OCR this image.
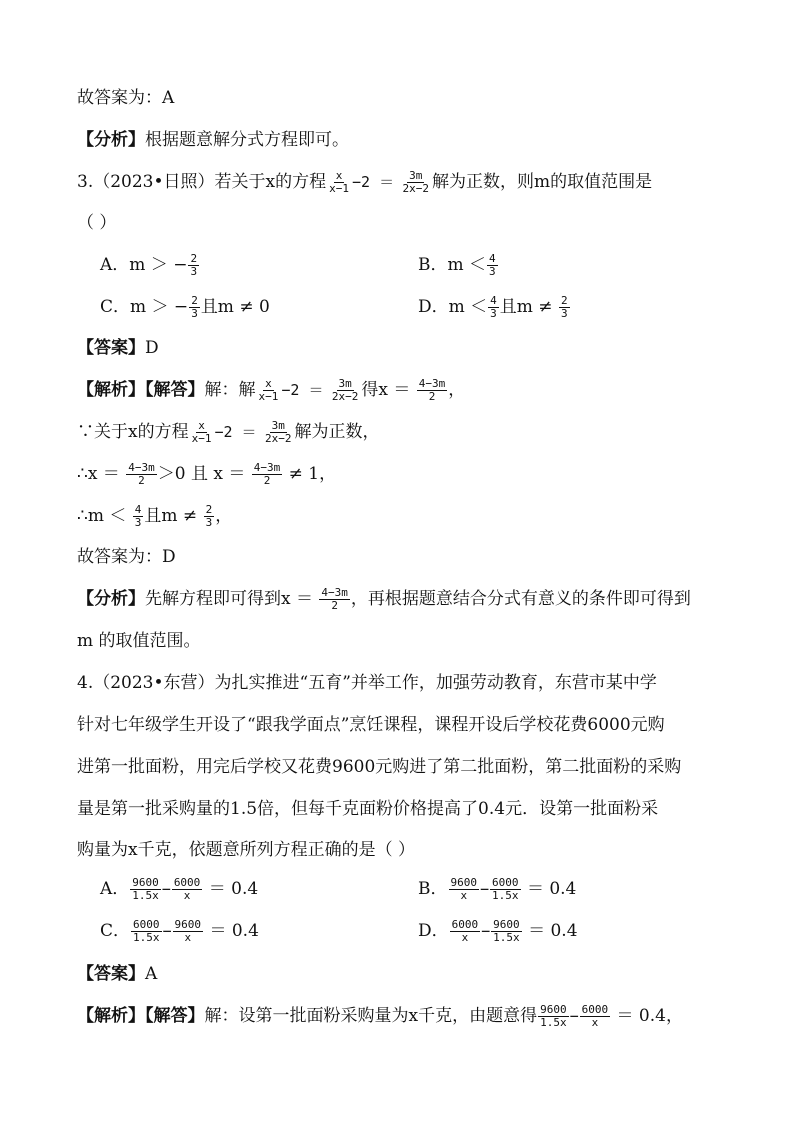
故答案为：A
【分析】根据题意解分式方程即可。
3.（2023•日照）若关于x的方程 $\frac{x}{x-1} -2 = \frac{3m}{2x-2}$ 解为正数，则m的取值范围是
（ ）
A．m ＞ − $\frac{2}{3}$	B．$m < \frac{4}{3}$
C．m ＞ − $\frac{2}{3}$ 且m ≠ 0	D．$m < \frac{4}{3}$ 且$m \ne \frac{2}{3}$
【答案】D
【解析】【解答】解：解 $\frac{x}{x-1} -2 = \frac{3m}{2x-2}$ 得$x = \frac{4-3m}{2}$ ，
∵关于x的方程 $\frac{x}{x-1} -2 = \frac{3m}{2x-2}$ 解为正数，
∴x ＝ $\frac{4-3m}{2} >0$ 且 $x = \frac{4-3m}{2} \ne 1$，
∴m ＜ $\frac{4}{3}$ 且$m \ne \frac{2}{3}$ ，
故答案为：D
【分析】先解方程即可得到$x = \frac{4-3m}{2}$ ，再根据题意结合分式有意义的条件即可得到
m 的取值范围。
4.（2023•东营）为扎实推进“五育”并举工作，加强劳动教育，东营市某中学
针对七年级学生开设了“跟我学面点”烹饪课程，课程开设后学校花费6000元购
进第一批面粉，用完后学校又花费9600元购进了第二批面粉，第二批面粉的采购
量是第一批采购量的1.5倍，但每千克面粉价格提高了0.4元．设第一批面粉采
购量为x千克，依题意所列方程正确的是（ ）
A． $\frac{9600}{1.5x} - \frac{6000}{x} = 0.4$	B． $\frac{9600}{x} - \frac{6000}{1.5x} = 0.4$
C． $\frac{6000}{1.5x} - \frac{9600}{x} = 0.4$	D． $\frac{6000}{x} - \frac{9600}{1.5x} = 0.4$
【答案】A
【解析】【解答】解：设第一批面粉采购量为x千克，由题意得 $\frac{9600}{1.5x} - \frac{6000}{x} = 0.4$，
